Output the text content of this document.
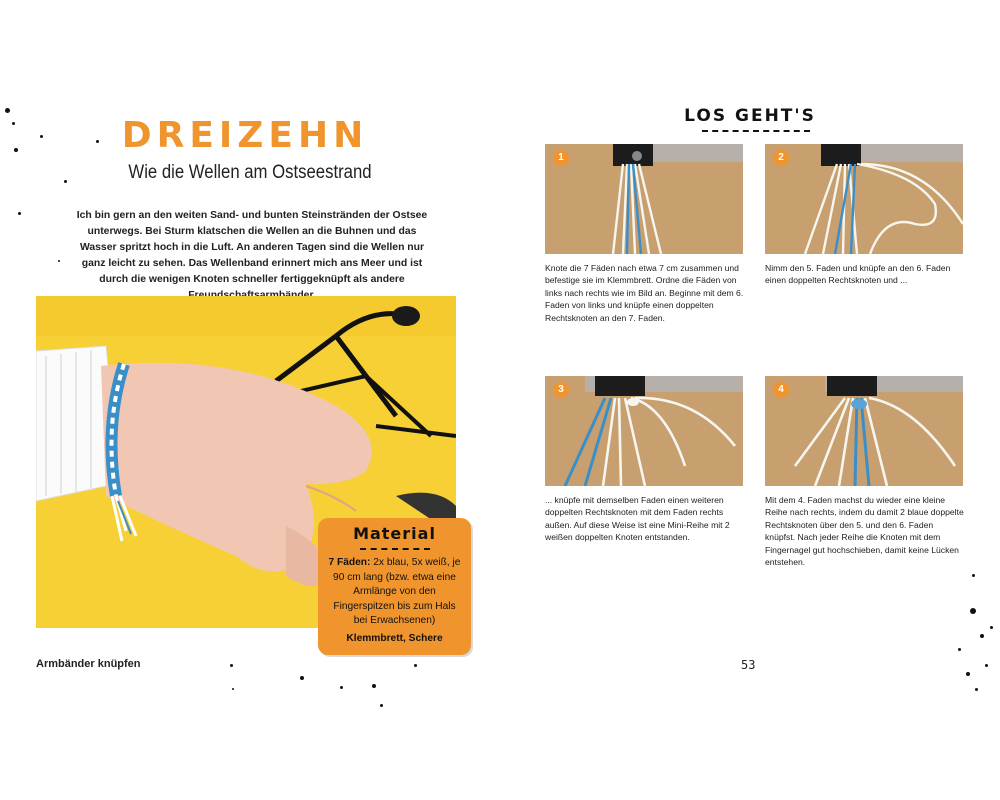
DREIZEHN
Wie die Wellen am Ostseestrand
Ich bin gern an den weiten Sand- und bunten Steinstränden der Ostsee unterwegs. Bei Sturm klatschen die Wellen an die Buhnen und das Wasser spritzt hoch in die Luft. An anderen Tagen sind die Wellen nur ganz leicht zu sehen. Das Wellenband erinnert mich ans Meer und ist durch die wenigen Knoten schneller fertiggeknüpft als andere
Material
7 Fäden: 2x blau, 5x weiß, je 90 cm lang (bzw. etwa eine Armlänge von den Fingerspitzen bis zum Hals bei Erwachsenen)
Klemmbrett, Schere
Armbänder knüpfen
LOS GEHT'S
1
Knote die 7 Fäden nach etwa 7 cm zusammen und befestige sie im Klemmbrett. Ordne die Fäden von links nach rechts wie im Bild an. Beginne mit dem 6. Faden von links und knüpfe einen doppelten Rechtsknoten an den 7. Faden.
2
Nimm den 5. Faden und knüpfe an den 6. Faden einen doppelten Rechtsknoten und ...
3
... knüpfe mit demselben Faden einen weiteren doppelten Rechtsknoten mit dem Faden rechts außen. Auf diese Weise ist eine Mini-Reihe mit 2 weißen doppelten Knoten entstanden.
4
Mit dem 4. Faden machst du wieder eine kleine Reihe nach rechts, indem du damit 2 blaue doppelte Rechtsknoten über den 5. und den 6. Faden knüpfst. Nach jeder Reihe die Knoten mit dem Fingernagel gut hochschieben, damit keine Lücken entstehen.
53
